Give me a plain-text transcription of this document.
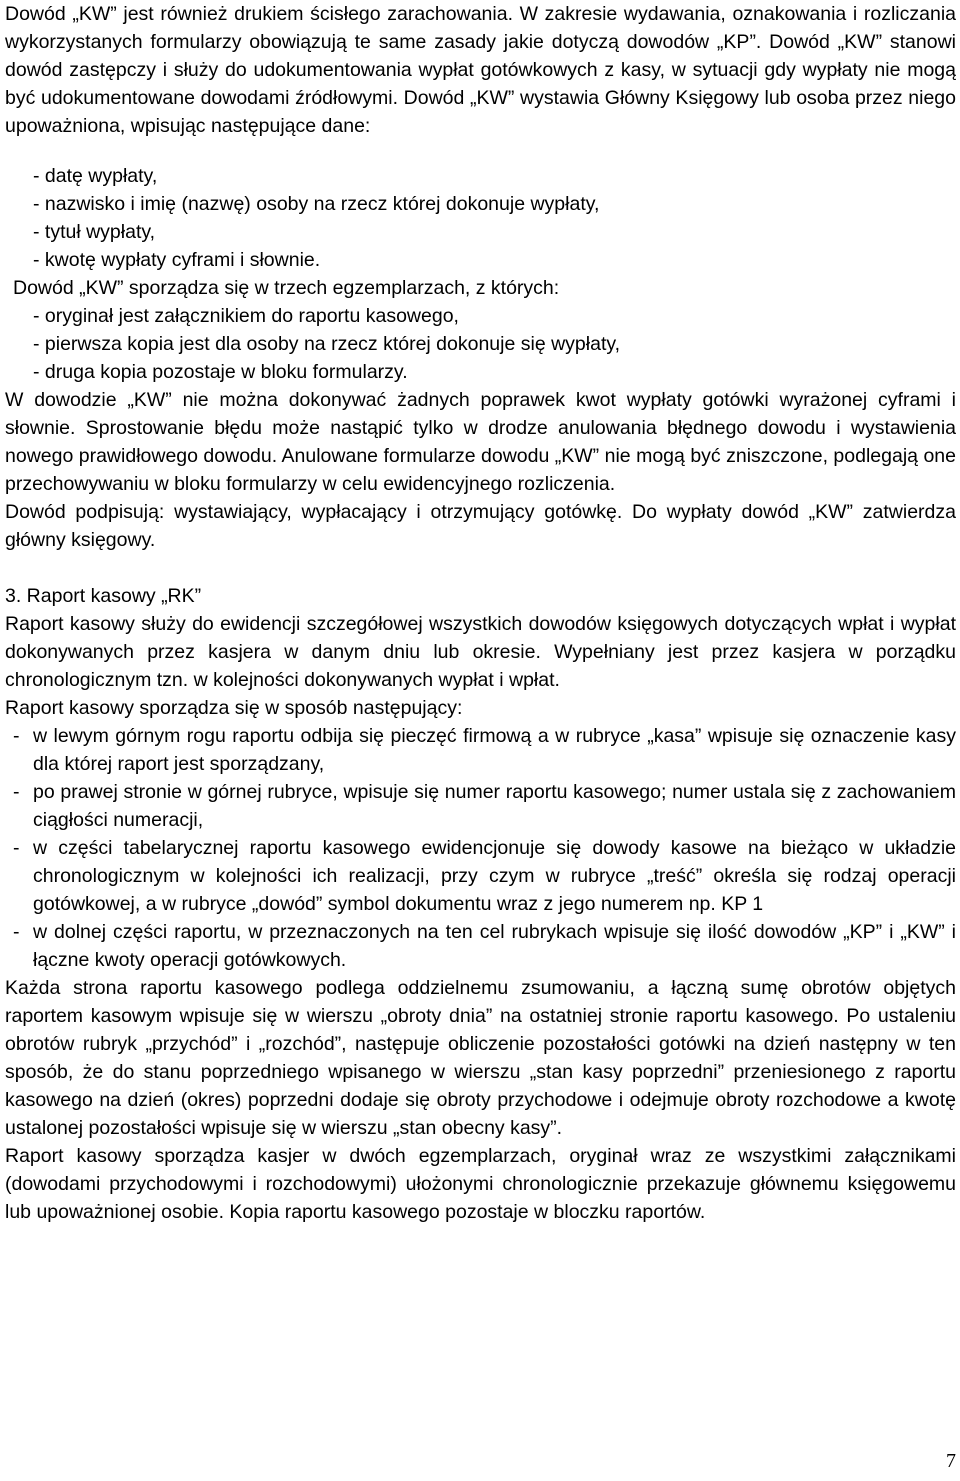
Dowód „KW” jest również drukiem ścisłego zarachowania. W zakresie wydawania, oznakowania i rozliczania wykorzystanych formularzy obowiązują te same zasady jakie dotyczą dowodów „KP”. Dowód „KW” stanowi dowód zastępczy i służy do udokumentowania wypłat gotówkowych z kasy, w sytuacji gdy wypłaty nie mogą być udokumentowane dowodami źródłowymi. Dowód „KW” wystawia Główny Księgowy lub osoba przez niego upoważniona, wpisując następujące dane:

- datę wypłaty,
- nazwisko i imię (nazwę) osoby na rzecz której dokonuje wypłaty,
- tytuł wypłaty,
- kwotę wypłaty cyframi i słownie.

Dowód „KW” sporządza się w trzech egzemplarzach, z których:

- oryginał jest załącznikiem do raportu kasowego,
- pierwsza kopia jest dla osoby na rzecz której dokonuje się wypłaty,
- druga kopia pozostaje w bloku formularzy.

W dowodzie „KW” nie można dokonywać żadnych poprawek kwot wypłaty gotówki wyrażonej cyframi i słownie. Sprostowanie błędu może nastąpić tylko w drodze anulowania błędnego dowodu i wystawienia nowego prawidłowego dowodu. Anulowane formularze dowodu „KW” nie mogą być zniszczone, podlegają one przechowywaniu w bloku formularzy w celu ewidencyjnego rozliczenia.

Dowód podpisują: wystawiający, wypłacający i otrzymujący gotówkę. Do wypłaty dowód „KW” zatwierdza główny księgowy.

3. Raport kasowy „RK”

Raport kasowy służy do ewidencji szczegółowej wszystkich dowodów księgowych dotyczących wpłat i wypłat dokonywanych przez kasjera w danym dniu lub okresie. Wypełniany jest przez kasjera w porządku chronologicznym tzn. w kolejności dokonywanych wypłat i wpłat.

Raport kasowy sporządza się w sposób następujący:

- w lewym górnym rogu raportu odbija się pieczęć firmową a w rubryce „kasa” wpisuje się oznaczenie kasy dla której raport jest sporządzany,
- po prawej stronie w górnej rubryce, wpisuje się numer raportu kasowego; numer ustala się z zachowaniem ciągłości numeracji,
- w części tabelarycznej raportu kasowego ewidencjonuje się dowody kasowe na bieżąco w układzie chronologicznym w kolejności ich realizacji, przy czym w rubryce „treść” określa się rodzaj operacji gotówkowej, a w rubryce „dowód” symbol dokumentu wraz z jego numerem np. KP 1
- w dolnej części raportu, w przeznaczonych na ten cel rubrykach wpisuje się ilość dowodów „KP” i „KW” i łączne kwoty operacji gotówkowych.

Każda strona raportu kasowego podlega oddzielnemu zsumowaniu, a łączną sumę obrotów objętych raportem kasowym wpisuje się w wierszu „obroty dnia” na ostatniej stronie raportu kasowego. Po ustaleniu obrotów rubryk „przychód” i „rozchód”, następuje obliczenie pozostałości gotówki na dzień następny w ten sposób, że do stanu poprzedniego wpisanego w wierszu „stan kasy poprzedni” przeniesionego z raportu kasowego na dzień (okres) poprzedni dodaje się obroty przychodowe i odejmuje obroty rozchodowe a kwotę ustalonej pozostałości wpisuje się w wierszu „stan obecny kasy”.

Raport kasowy sporządza kasjer w dwóch egzemplarzach, oryginał wraz ze wszystkimi załącznikami (dowodami przychodowymi i rozchodowymi) ułożonymi chronologicznie przekazuje głównemu księgowemu lub upoważnionej osobie. Kopia raportu kasowego pozostaje w bloczku raportów.

7
